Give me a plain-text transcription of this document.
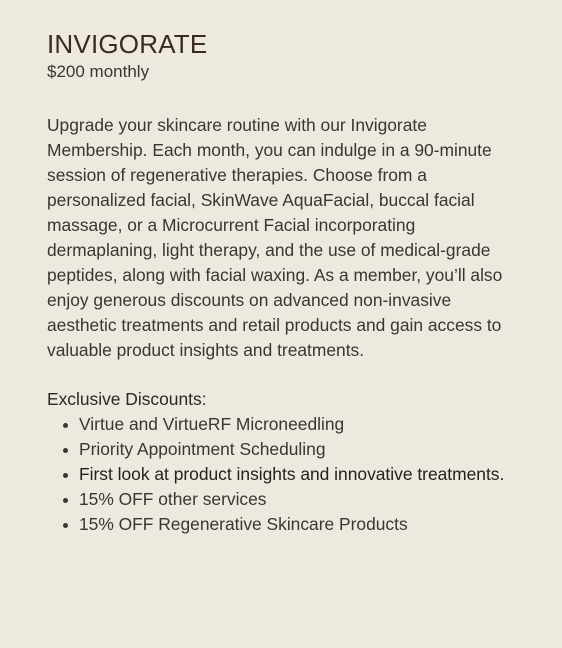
INVIGORATE
$200 monthly

Upgrade your skincare routine with our Invigorate Membership. Each month, you can indulge in a 90-minute session of regenerative therapies. Choose from a personalized facial, SkinWave AquaFacial, buccal facial massage, or a Microcurrent Facial incorporating dermaplaning, light therapy, and the use of medical-grade peptides, along with facial waxing. As a member, you’ll also enjoy generous discounts on advanced non-invasive aesthetic treatments and retail products and gain access to valuable product insights and treatments.

Exclusive Discounts:
Virtue and VirtueRF Microneedling
Priority Appointment Scheduling
First look at product insights and innovative treatments.
15% OFF other services
15% OFF Regenerative Skincare Products
